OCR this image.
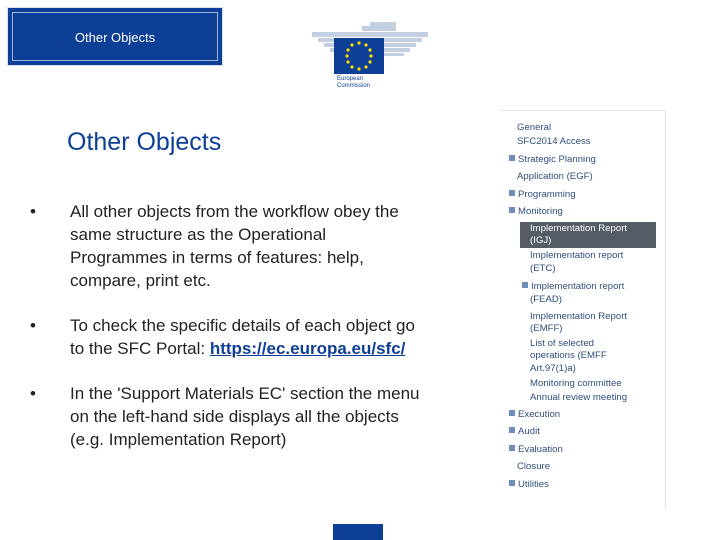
Other Objects
European
Commission
Other Objects
• All other objects from the workflow obey the
same structure as the Operational
Programmes in terms of features: help,
compare, print etc.
• To check the specific details of each object go
to the SFC Portal: https://ec.europa.eu/sfc/
• In the 'Support Materials EC' section the menu
on the left-hand side displays all the objects
(e.g. Implementation Report)
General
SFC2014 Access
Strategic Planning
Application (EGF)
Programming
Monitoring
Implementation Report
(IGJ)
Implementation report
(ETC)
Implementation report
(FEAD)
Implementation Report
(EMFF)
List of selected
operations (EMFF
Art.97(1)a)
Monitoring committee
Annual review meeting
Execution
Audit
Evaluation
Closure
Utilities
